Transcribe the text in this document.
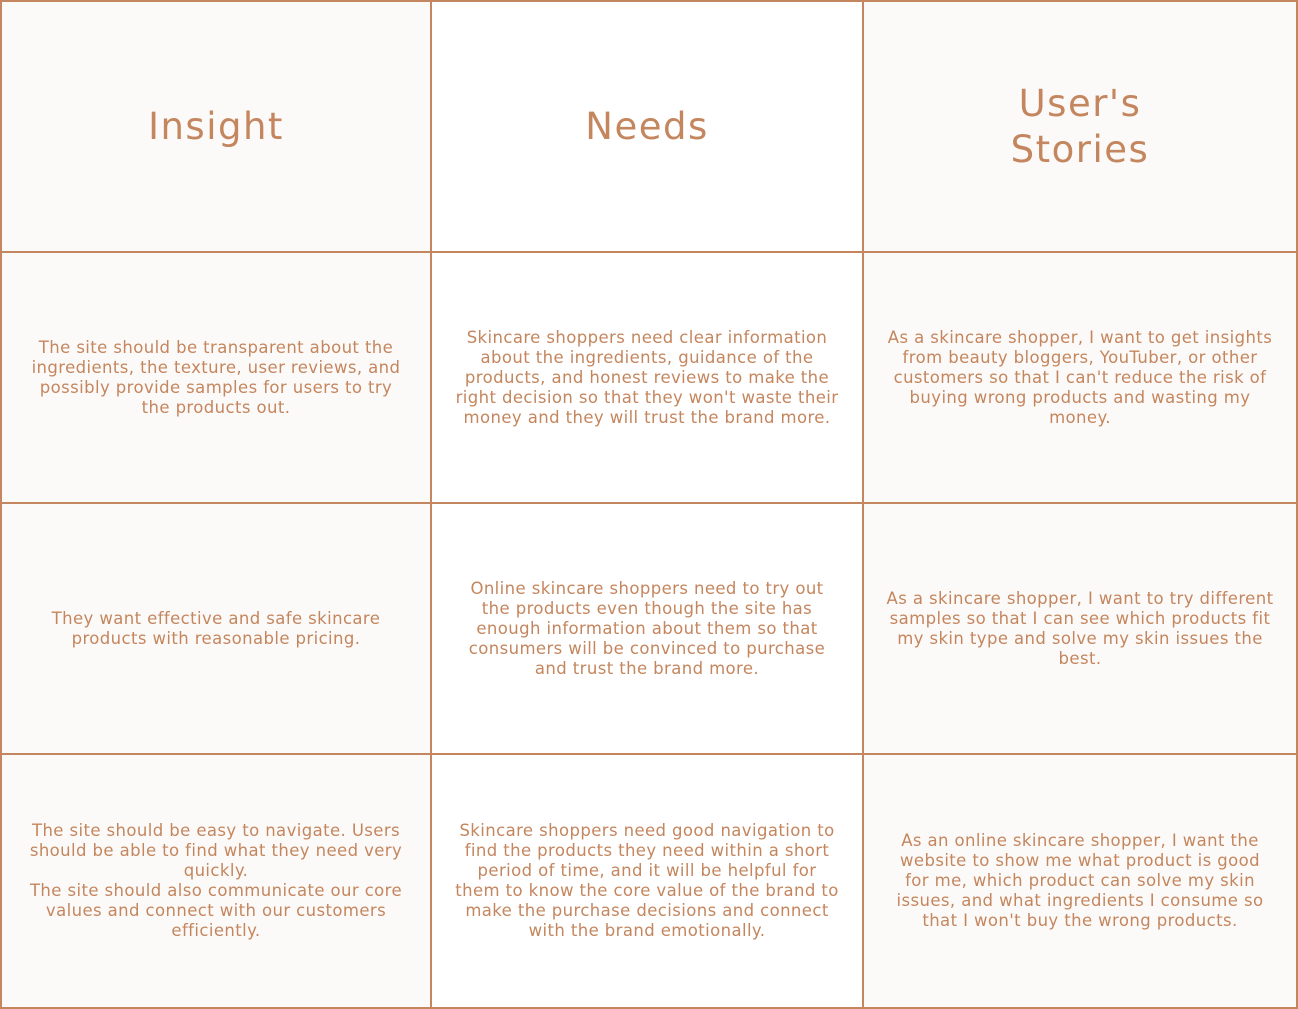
Insight	Needs
User's Stories

The site should be transparent about the ingredients, the texture, user reviews, and possibly provide samples for users to try the products out.

Skincare shoppers need clear information about the ingredients, guidance of the products, and honest reviews to make the right decision so that they won't waste their money and they will trust the brand more.

As a skincare shopper, I want to get insights from beauty bloggers, YouTuber, or other customers so that I can't reduce the risk of buying wrong products and wasting my money.

They want effective and safe skincare products with reasonable pricing.

Online skincare shoppers need to try out the products even though the site has enough information about them so that consumers will be convinced to purchase and trust the brand more.

As a skincare shopper, I want to try different samples so that I can see which products fit my skin type and solve my skin issues the best.

The site should be easy to navigate. Users should be able to find what they need very quickly.
The site should also communicate our core values and connect with our customers efficiently.

Skincare shoppers need good navigation to find the products they need within a short period of time, and it will be helpful for them to know the core value of the brand to make the purchase decisions and connect with the brand emotionally.

As an online skincare shopper, I want the website to show me what product is good for me, which product can solve my skin issues, and what ingredients I consume so that I won't buy the wrong products.
